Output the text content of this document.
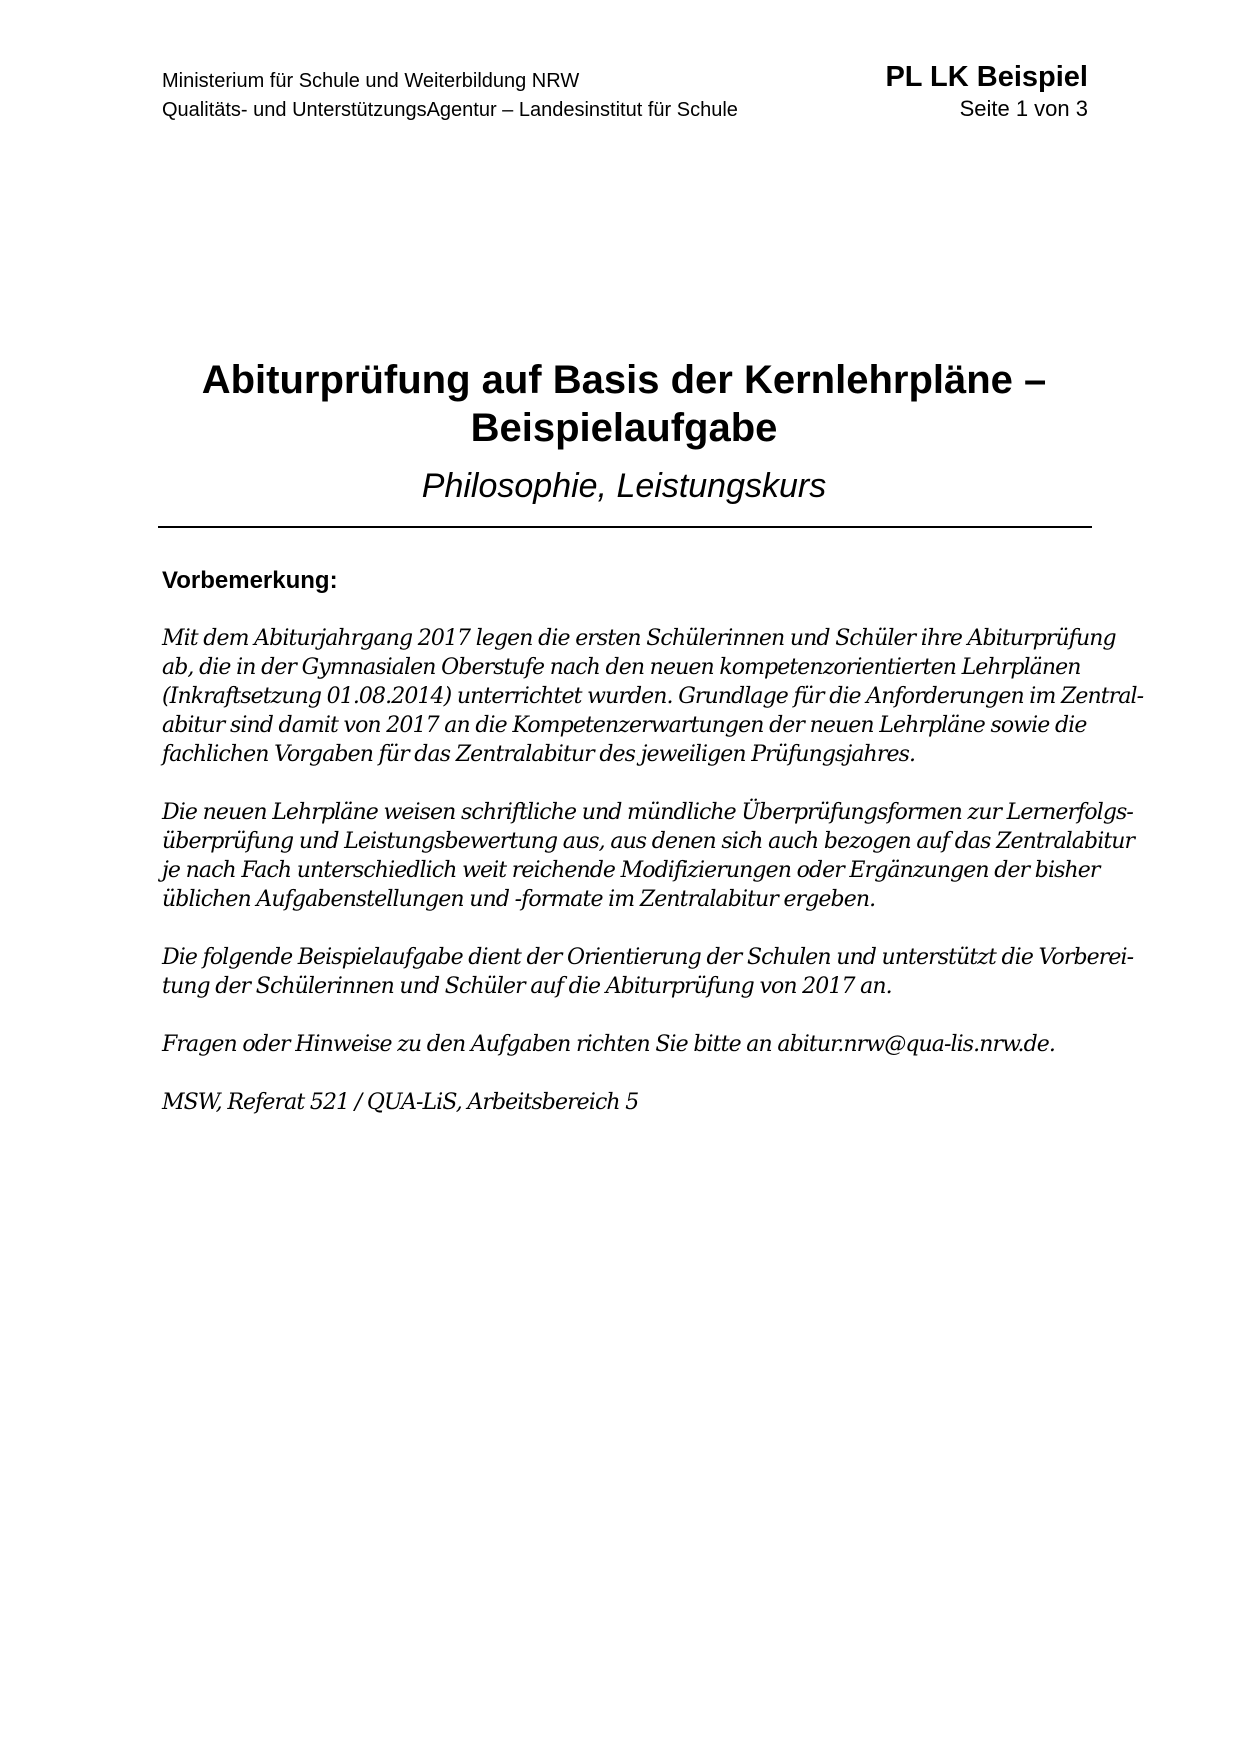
Ministerium für Schule und Weiterbildung NRW
Qualitäts- und UnterstützungsAgentur – Landesinstitut für Schule
PL LK Beispiel
Seite 1 von 3
Abiturprüfung auf Basis der Kernlehrpläne –
Beispielaufgabe
Philosophie, Leistungskurs
Vorbemerkung:

Mit dem Abiturjahrgang 2017 legen die ersten Schülerinnen und Schüler ihre Abiturprüfung
ab, die in der Gymnasialen Oberstufe nach den neuen kompetenzorientierten Lehrplänen
(Inkraftsetzung 01.08.2014) unterrichtet wurden. Grundlage für die Anforderungen im Zentral-
abitur sind damit von 2017 an die Kompetenzerwartungen der neuen Lehrpläne sowie die
fachlichen Vorgaben für das Zentralabitur des jeweiligen Prüfungsjahres.

Die neuen Lehrpläne weisen schriftliche und mündliche Überprüfungsformen zur Lernerfolgs-
überprüfung und Leistungsbewertung aus, aus denen sich auch bezogen auf das Zentralabitur
je nach Fach unterschiedlich weit reichende Modifizierungen oder Ergänzungen der bisher
üblichen Aufgabenstellungen und -formate im Zentralabitur ergeben.

Die folgende Beispielaufgabe dient der Orientierung der Schulen und unterstützt die Vorberei-
tung der Schülerinnen und Schüler auf die Abiturprüfung von 2017 an.

Fragen oder Hinweise zu den Aufgaben richten Sie bitte an abitur.nrw@qua-lis.nrw.de.

MSW, Referat 521 / QUA-LiS, Arbeitsbereich 5
